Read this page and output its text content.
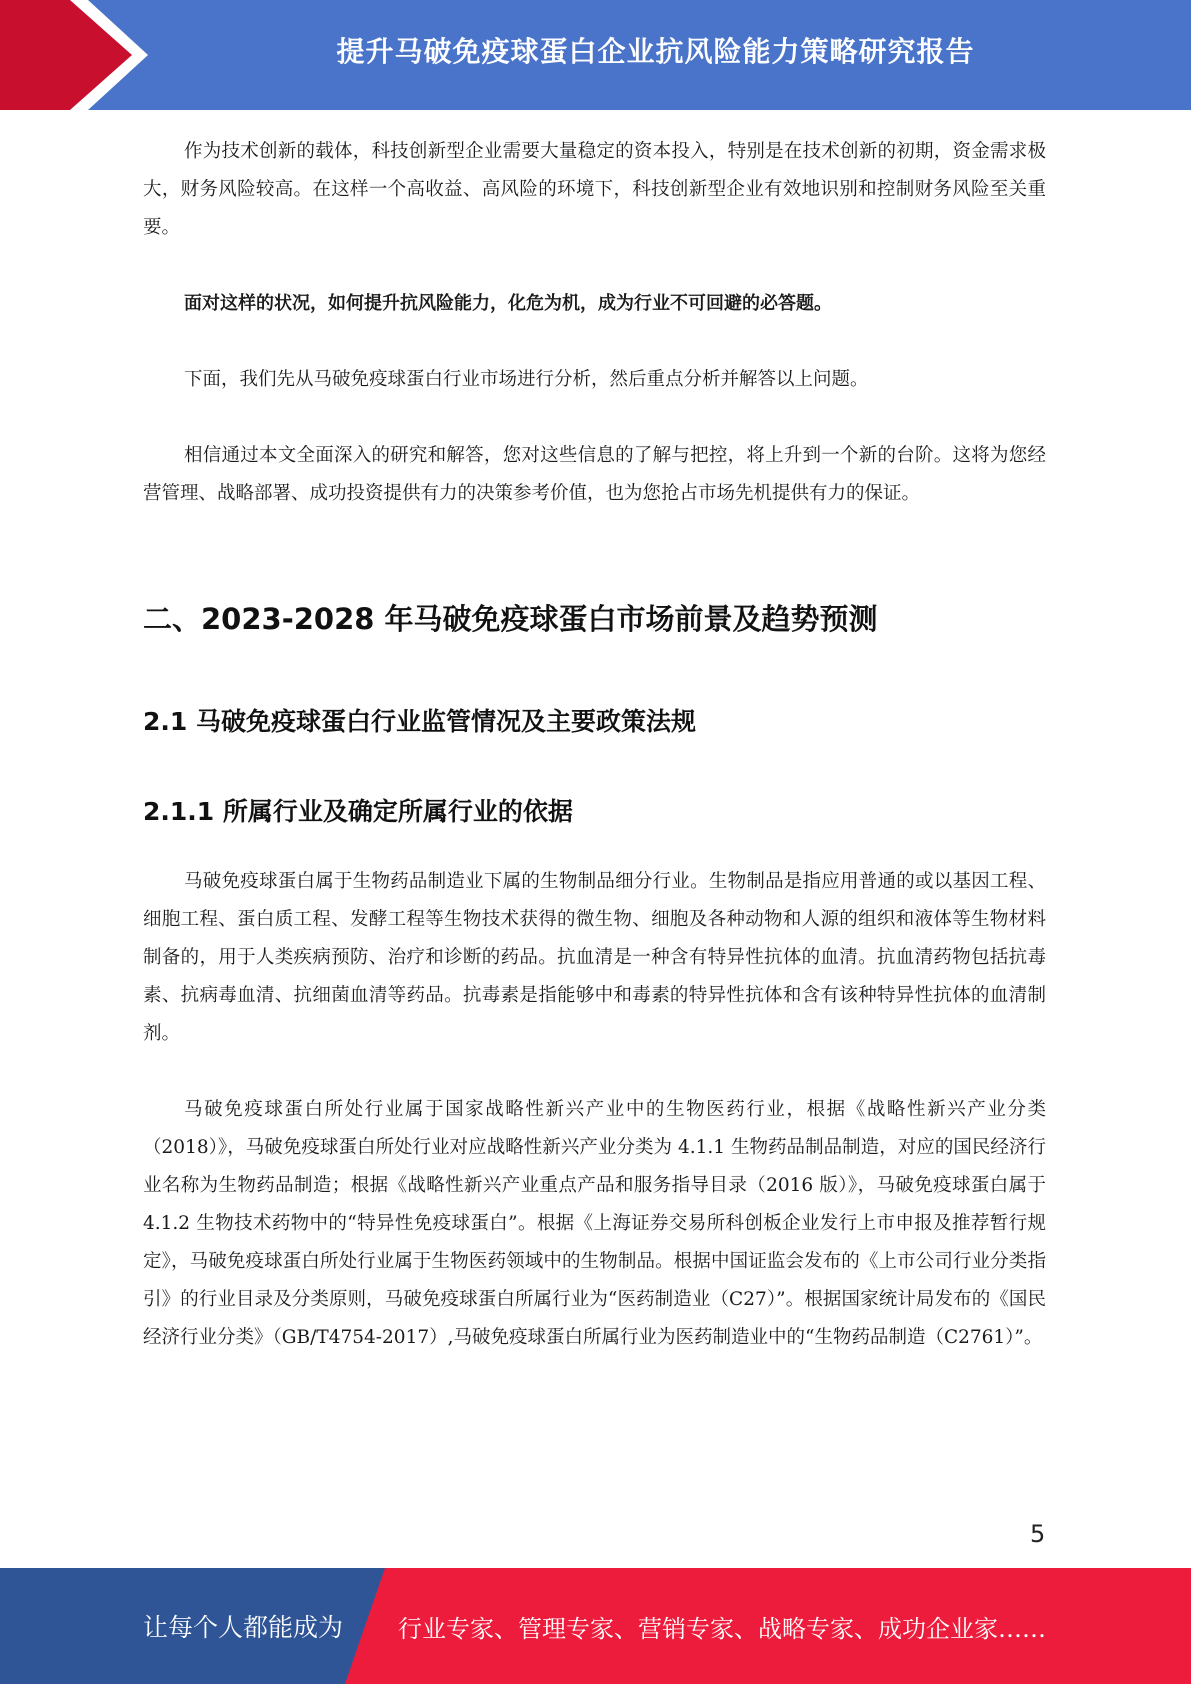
提升马破免疫球蛋白企业抗风险能力策略研究报告

作为技术创新的载体，科技创新型企业需要大量稳定的资本投入，特别是在技术创新的初期，资金需求极大，财务风险较高。在这样一个高收益、高风险的环境下，科技创新型企业有效地识别和控制财务风险至关重要。

面对这样的状况，如何提升抗风险能力，化危为机，成为行业不可回避的必答题。

下面，我们先从马破免疫球蛋白行业市场进行分析，然后重点分析并解答以上问题。

相信通过本文全面深入的研究和解答，您对这些信息的了解与把控，将上升到一个新的台阶。这将为您经营管理、战略部署、成功投资提供有力的决策参考价值，也为您抢占市场先机提供有力的保证。

二、2023-2028 年马破免疫球蛋白市场前景及趋势预测
2.1 马破免疫球蛋白行业监管情况及主要政策法规
2.1.1 所属行业及确定所属行业的依据

马破免疫球蛋白属于生物药品制造业下属的生物制品细分行业。生物制品是指应用普通的或以基因工程、细胞工程、蛋白质工程、发酵工程等生物技术获得的微生物、细胞及各种动物和人源的组织和液体等生物材料制备的，用于人类疾病预防、治疗和诊断的药品。抗血清是一种含有特异性抗体的血清。抗血清药物包括抗毒素、抗病毒血清、抗细菌血清等药品。抗毒素是指能够中和毒素的特异性抗体和含有该种特异性抗体的血清制剂。

马破免疫球蛋白所处行业属于国家战略性新兴产业中的生物医药行业，根据《战略性新兴产业分类（2018）》，马破免疫球蛋白所处行业对应战略性新兴产业分类为 4.1.1 生物药品制品制造，对应的国民经济行业名称为生物药品制造；根据《战略性新兴产业重点产品和服务指导目录（2016 版）》，马破免疫球蛋白属于 4.1.2 生物技术药物中的“特异性免疫球蛋白”。根据《上海证券交易所科创板企业发行上市申报及推荐暂行规定》，马破免疫球蛋白所处行业属于生物医药领域中的生物制品。根据中国证监会发布的《上市公司行业分类指引》的行业目录及分类原则，马破免疫球蛋白所属行业为“医药制造业（C27）”。根据国家统计局发布的《国民经济行业分类》（GB/T4754-2017）,马破免疫球蛋白所属行业为医药制造业中的“生物药品制造（C2761）”。

5
让每个人都能成为 行业专家、管理专家、营销专家、战略专家、成功企业家……
